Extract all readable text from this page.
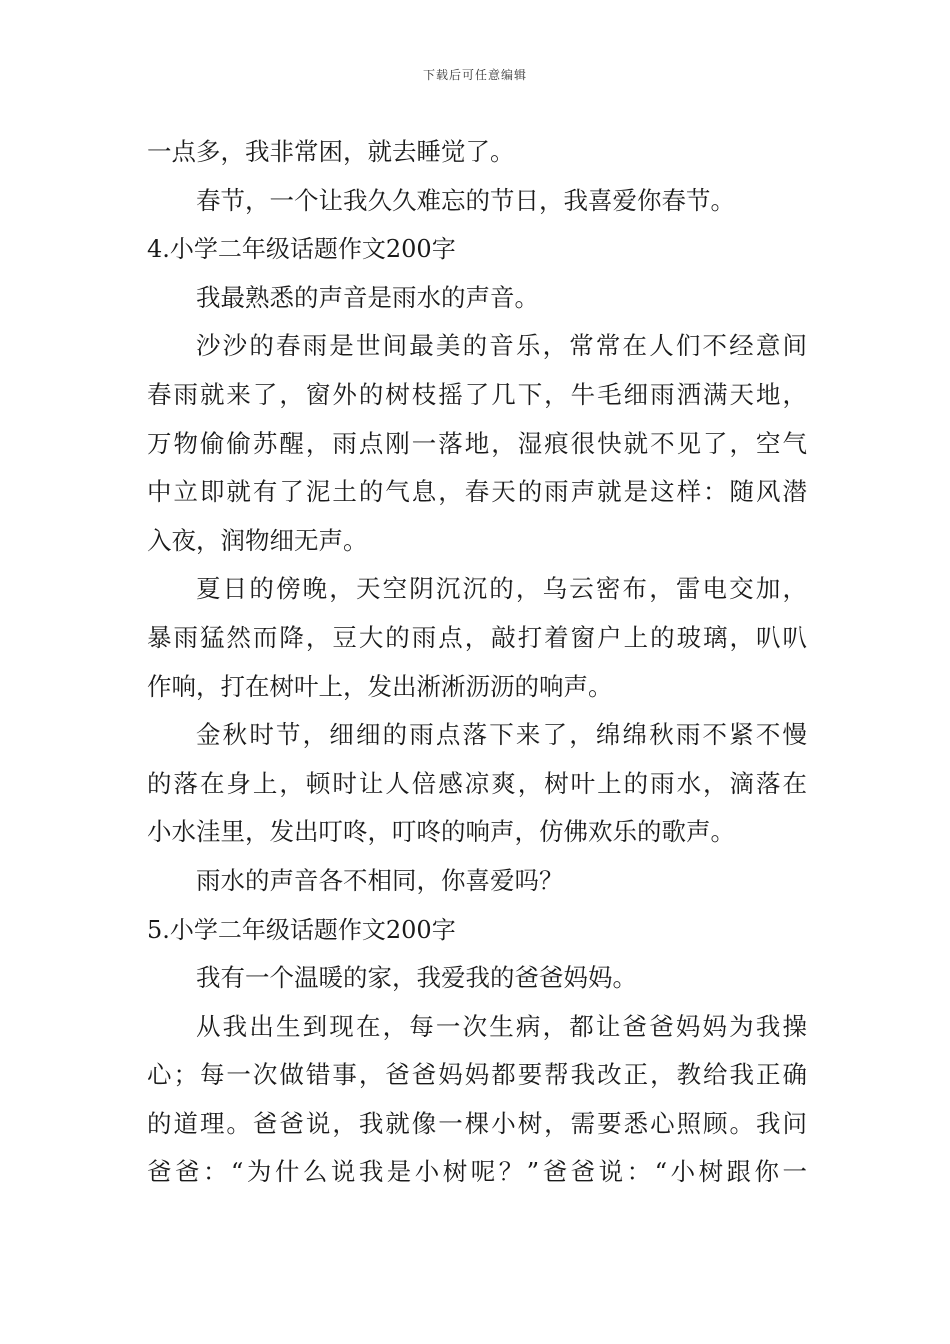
下载后可任意编辑
一点多，我非常困，就去睡觉了。
春节，一个让我久久难忘的节日，我喜爱你春节。
4.小学二年级话题作文200字
我最熟悉的声音是雨水的声音。
沙沙的春雨是世间最美的音乐，常常在人们不经意间
春雨就来了，窗外的树枝摇了几下，牛毛细雨洒满天地，
万物偷偷苏醒，雨点刚一落地，湿痕很快就不见了，空气
中立即就有了泥土的气息，春天的雨声就是这样：随风潜
入夜，润物细无声。
夏日的傍晚，天空阴沉沉的，乌云密布，雷电交加，
暴雨猛然而降，豆大的雨点，敲打着窗户上的玻璃，叭叭
作响，打在树叶上，发出淅淅沥沥的响声。
金秋时节，细细的雨点落下来了，绵绵秋雨不紧不慢
的落在身上，顿时让人倍感凉爽，树叶上的雨水，滴落在
小水洼里，发出叮咚，叮咚的响声，仿佛欢乐的歌声。
雨水的声音各不相同，你喜爱吗？
5.小学二年级话题作文200字
我有一个温暖的家，我爱我的爸爸妈妈。
从我出生到现在，每一次生病，都让爸爸妈妈为我操
心；每一次做错事，爸爸妈妈都要帮我改正，教给我正确
的道理。爸爸说，我就像一棵小树，需要悉心照顾。我问
爸爸：“为什么说我是小树呢？”爸爸说：“小树跟你一
